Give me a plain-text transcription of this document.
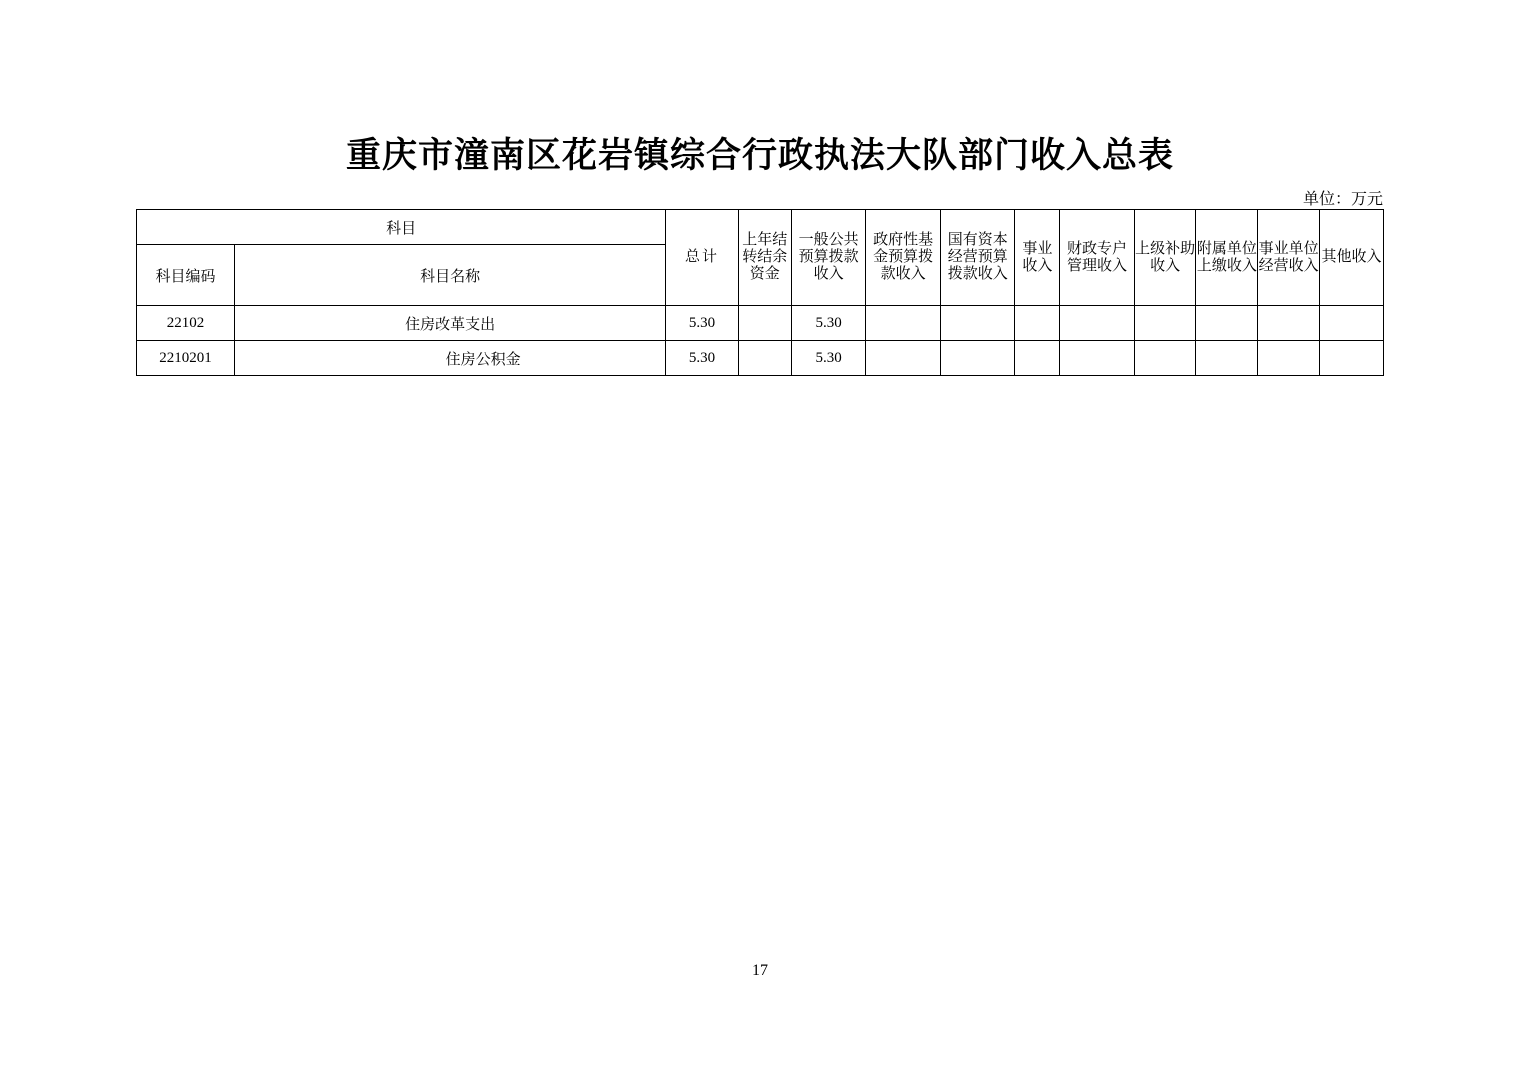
重庆市潼南区花岩镇综合行政执法大队部门收入总表
单位：万元
科目		总计	上年结转结余资金	一般公共预算拨款收入	政府性基金预算拨款收入	国有资本经营预算拨款收入	事业收入	财政专户管理收入	上级补助收入	附属单位上缴收入	事业单位经营收入	其他收入
科目编码	科目名称											
22102	住房改革支出	5.30		5.30								
2210201	住房公积金	5.30		5.30								
17
